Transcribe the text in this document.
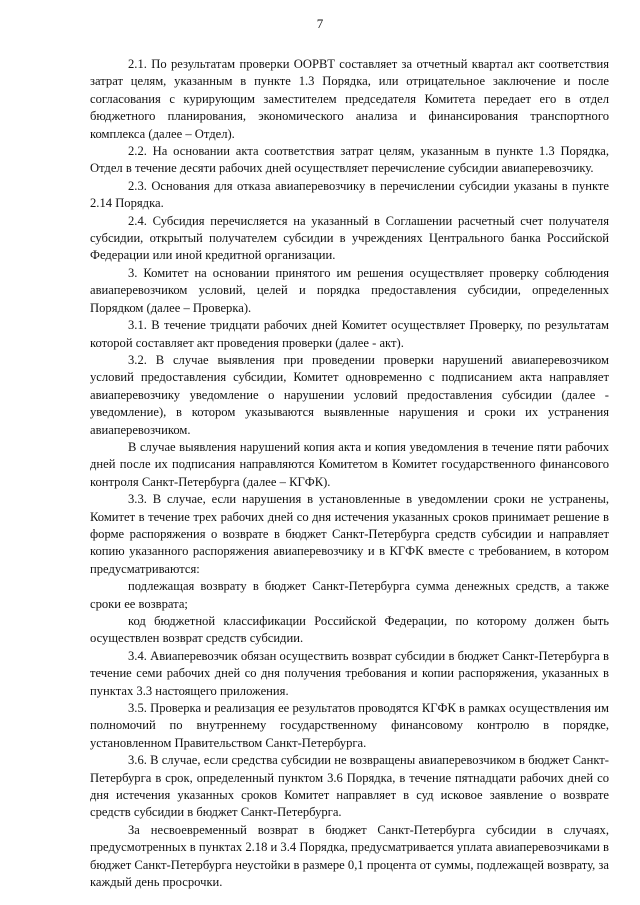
7

2.1. По результатам проверки ООРВТ составляет за отчетный квартал акт соответствия затрат целям, указанным в пункте 1.3 Порядка, или отрицательное заключение и после согласования с курирующим заместителем председателя Комитета передает его в отдел бюджетного планирования, экономического анализа и финансирования транспортного комплекса (далее – Отдел).

2.2. На основании акта соответствия затрат целям, указанным в пункте 1.3 Порядка, Отдел в течение десяти рабочих дней осуществляет перечисление субсидии авиаперевозчику.

2.3. Основания для отказа авиаперевозчику в перечислении субсидии указаны в пункте 2.14 Порядка.

2.4. Субсидия перечисляется на указанный в Соглашении расчетный счет получателя субсидии, открытый получателем субсидии в учреждениях Центрального банка Российской Федерации или иной кредитной организации.

3. Комитет на основании принятого им решения осуществляет проверку соблюдения авиаперевозчиком условий, целей и порядка предоставления субсидии, определенных Порядком (далее – Проверка).

3.1. В течение тридцати рабочих дней Комитет осуществляет Проверку, по результатам которой составляет акт проведения проверки (далее - акт).

3.2. В случае выявления при проведении проверки нарушений авиаперевозчиком условий предоставления субсидии, Комитет одновременно с подписанием акта направляет авиаперевозчику уведомление о нарушении условий предоставления субсидии (далее - уведомление), в котором указываются выявленные нарушения и сроки их устранения авиаперевозчиком.

В случае выявления нарушений копия акта и копия уведомления в течение пяти рабочих дней после их подписания направляются Комитетом в Комитет государственного финансового контроля Санкт-Петербурга (далее – КГФК).

3.3. В случае, если нарушения в установленные в уведомлении сроки не устранены, Комитет в течение трех рабочих дней со дня истечения указанных сроков принимает решение в форме распоряжения о возврате в бюджет Санкт-Петербурга средств субсидии и направляет копию указанного распоряжения авиаперевозчику и в КГФК вместе с требованием, в котором предусматриваются:

подлежащая возврату в бюджет Санкт-Петербурга сумма денежных средств, а также сроки ее возврата;

код бюджетной классификации Российской Федерации, по которому должен быть осуществлен возврат средств субсидии.

3.4. Авиаперевозчик обязан осуществить возврат субсидии в бюджет Санкт-Петербурга в течение семи рабочих дней со дня получения требования и копии распоряжения, указанных в пунктах 3.3 настоящего приложения.

3.5. Проверка и реализация ее результатов проводятся КГФК в рамках осуществления им полномочий по внутреннему государственному финансовому контролю в порядке, установленном Правительством Санкт-Петербурга.

3.6. В случае, если средства субсидии не возвращены авиаперевозчиком в бюджет Санкт-Петербурга в срок, определенный пунктом 3.6 Порядка, в течение пятнадцати рабочих дней со дня истечения указанных сроков Комитет направляет в суд исковое заявление о возврате средств субсидии в бюджет Санкт-Петербурга.

За несвоевременный возврат в бюджет Санкт-Петербурга субсидии в случаях, предусмотренных в пунктах 2.18 и 3.4 Порядка, предусматривается уплата авиаперевозчиками в бюджет Санкт-Петербурга неустойки в размере 0,1 процента от суммы, подлежащей возврату, за каждый день просрочки.
